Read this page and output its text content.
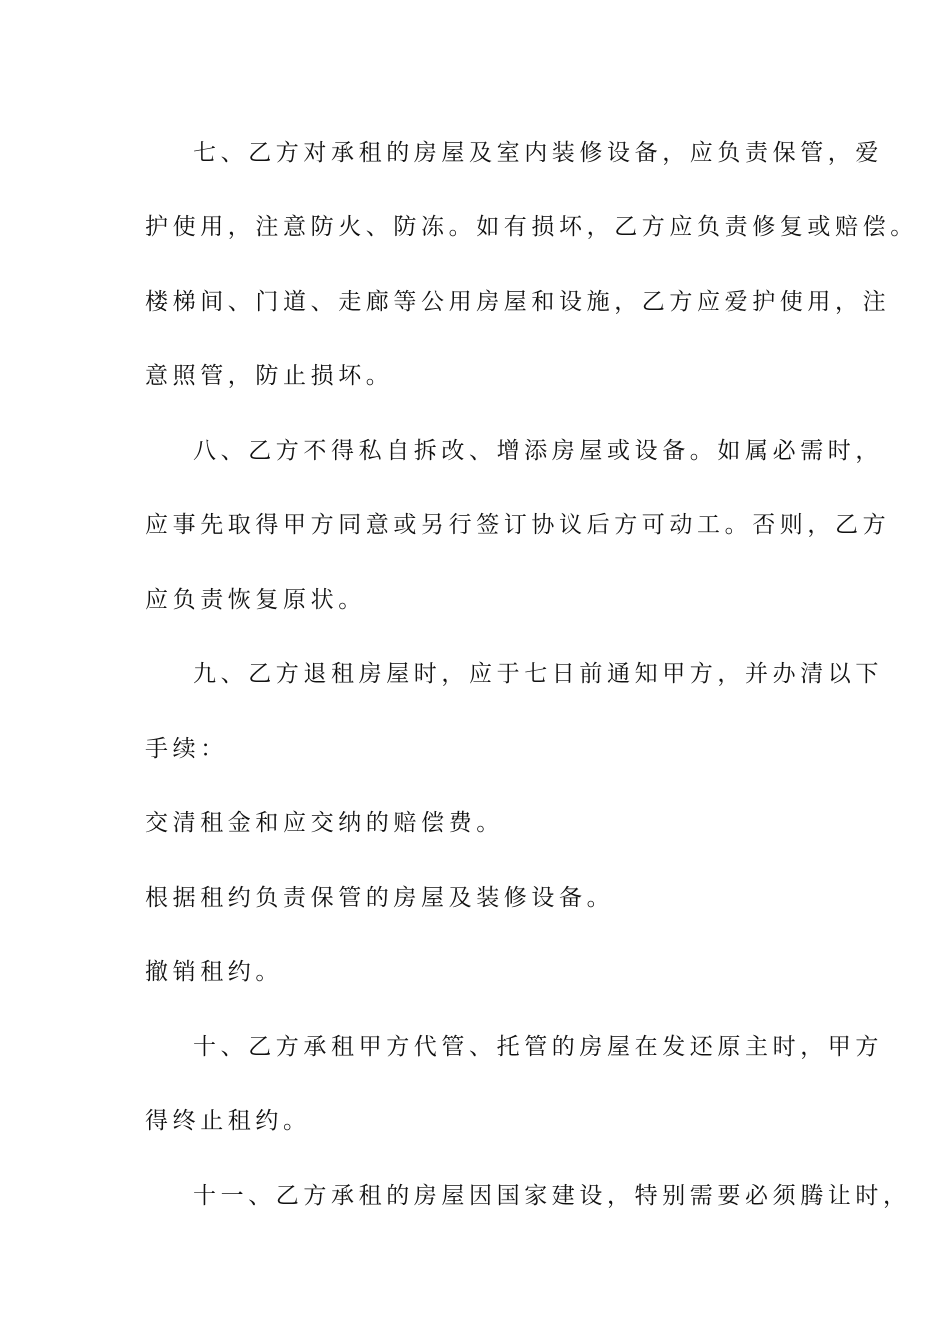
七、乙方对承租的房屋及室内装修设备，应负责保管，爱
护使用，注意防火、防冻。如有损坏，乙方应负责修复或赔偿。
楼梯间、门道、走廊等公用房屋和设施，乙方应爱护使用，注
意照管，防止损坏。
八、乙方不得私自拆改、增添房屋或设备。如属必需时，
应事先取得甲方同意或另行签订协议后方可动工。否则，乙方
应负责恢复原状。
九、乙方退租房屋时，应于七日前通知甲方，并办清以下
手续：
交清租金和应交纳的赔偿费。
根据租约负责保管的房屋及装修设备。
撤销租约。
十、乙方承租甲方代管、托管的房屋在发还原主时，甲方
得终止租约。
十一、乙方承租的房屋因国家建设，特别需要必须腾让时，
